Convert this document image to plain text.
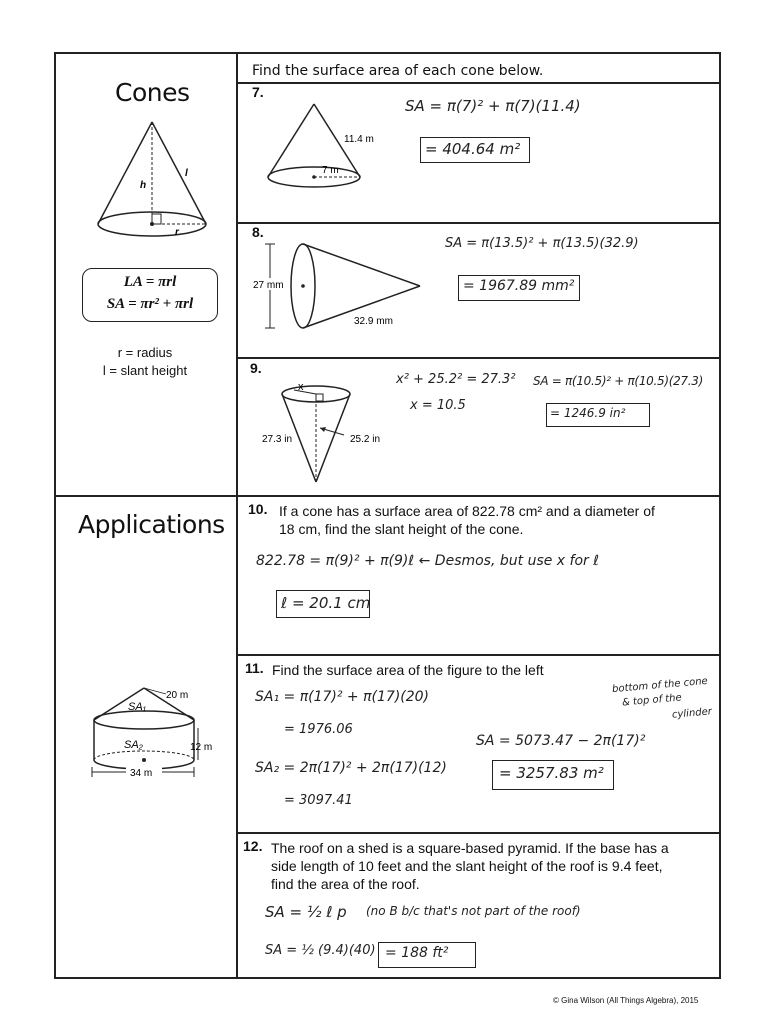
Cones
h
l
r
LA = πrl
SA = πr² + πrl
r = radius
l = slant height
Applications
20 m
12 m
34 m
SA₁
SA₂
Find the surface area of each cone below.
7.
11.4 m
7 m
SA = π(7)² + π(7)(11.4)
= 404.64 m²
8.
27 mm
32.9 mm
SA = π(13.5)² + π(13.5)(32.9)
= 1967.89 mm²
9.
x
27.3 in	25.2 in
x² + 25.2² = 27.3²
x = 10.5
SA = π(10.5)² + π(10.5)(27.3)
= 1246.9 in²
10. If a cone has a surface area of 822.78 cm² and a diameter of
18 cm, find the slant height of the cone.
822.78 = π(9)² + π(9)ℓ ← Desmos, but use x for ℓ
ℓ = 20.1 cm
11. Find the surface area of the figure to the left
SA₁ = π(17)² + π(17)(20)
= 1976.06
SA₂ = 2π(17)² + 2π(17)(12)
= 3097.41
SA = 5073.47 − 2π(17)²
= 3257.83 m²
bottom of the cone
& top of the
cylinder
12. The roof on a shed is a square-based pyramid. If the base has a
side length of 10 feet and the slant height of the roof is 9.4 feet,
find the area of the roof.
SA = ½ ℓ p (no B b/c that's not part of the roof)
SA = ½ (9.4)(40) = 188 ft²
© Gina Wilson (All Things Algebra), 2015
